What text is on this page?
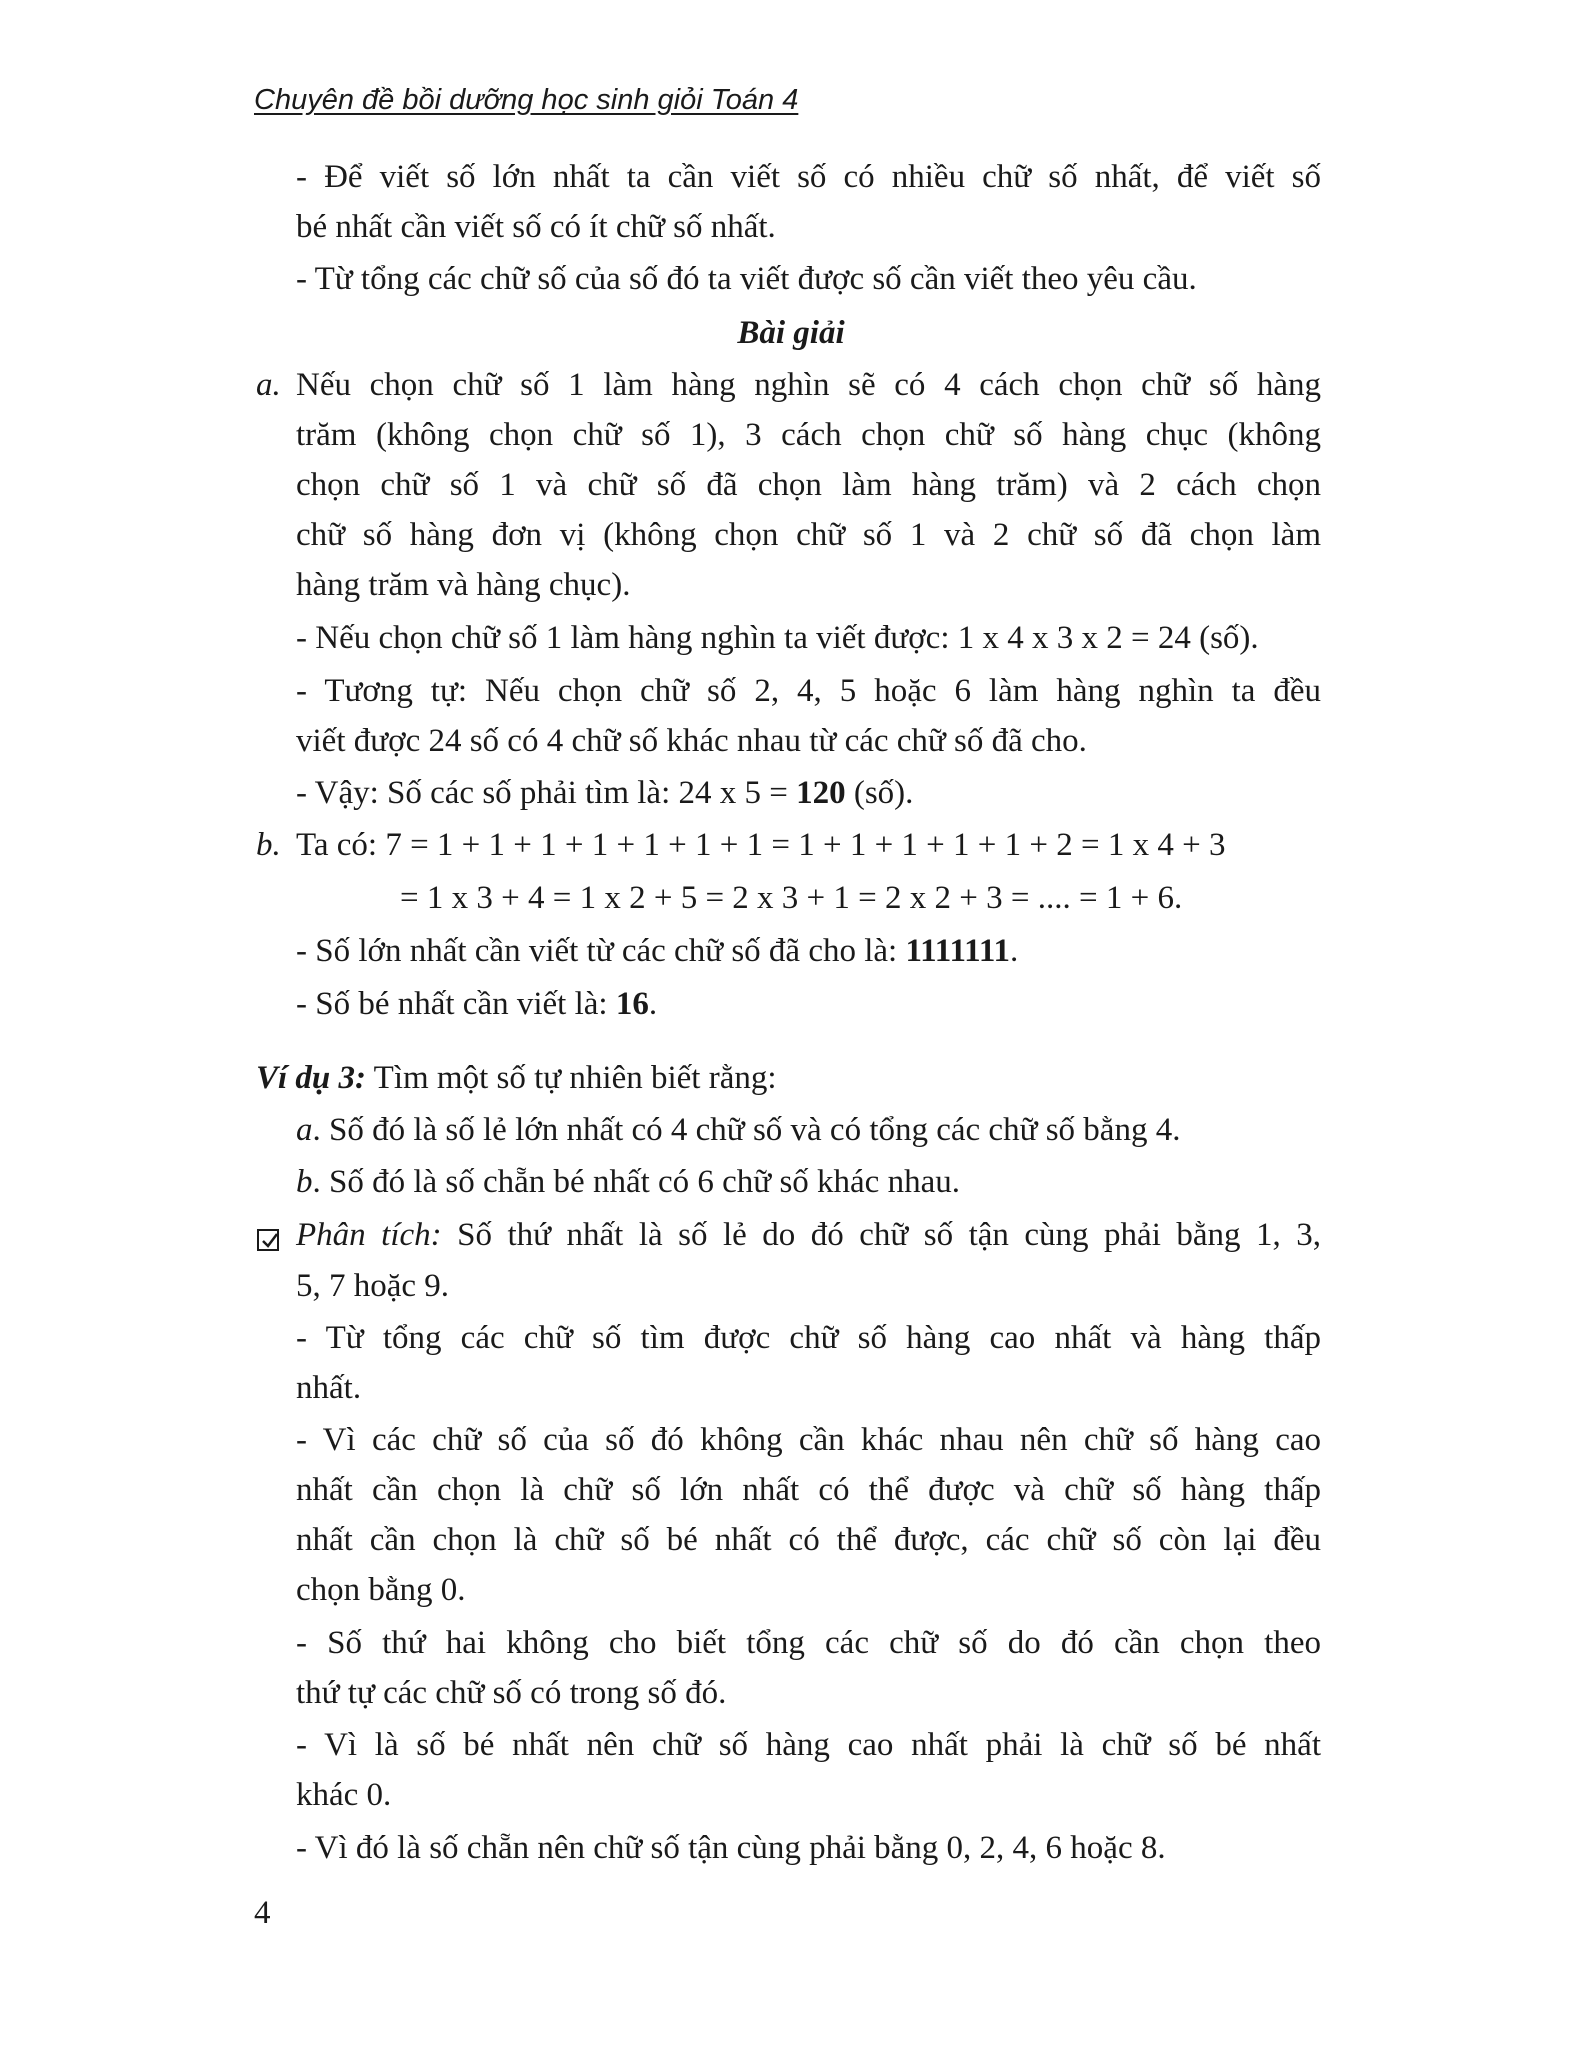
Chuyên đề bồi dưỡng học sinh giỏi Toán 4
- Để viết số lớn nhất ta cần viết số có nhiều chữ số nhất, để viết số
bé nhất cần viết số có ít chữ số nhất.
- Từ tổng các chữ số của số đó ta viết được số cần viết theo yêu cầu.
Bài giải
a. Nếu chọn chữ số 1 làm hàng nghìn sẽ có 4 cách chọn chữ số hàng
trăm (không chọn chữ số 1), 3 cách chọn chữ số hàng chục (không
chọn chữ số 1 và chữ số đã chọn làm hàng trăm) và 2 cách chọn
chữ số hàng đơn vị (không chọn chữ số 1 và 2 chữ số đã chọn làm
hàng trăm và hàng chục).
- Nếu chọn chữ số 1 làm hàng nghìn ta viết được: 1 x 4 x 3 x 2 = 24 (số).
- Tương tự: Nếu chọn chữ số 2, 4, 5 hoặc 6 làm hàng nghìn ta đều
viết được 24 số có 4 chữ số khác nhau từ các chữ số đã cho.
- Vậy: Số các số phải tìm là: 24 x 5 = 120 (số).
b. Ta có: 7 = 1 + 1 + 1 + 1 + 1 + 1 + 1 = 1 + 1 + 1 + 1 + 1 + 2 = 1 x 4 + 3
= 1 x 3 + 4 = 1 x 2 + 5 = 2 x 3 + 1 = 2 x 2 + 3 = .... = 1 + 6.
- Số lớn nhất cần viết từ các chữ số đã cho là: 1111111.
- Số bé nhất cần viết là: 16.
Ví dụ 3: Tìm một số tự nhiên biết rằng:
a. Số đó là số lẻ lớn nhất có 4 chữ số và có tổng các chữ số bằng 4.
b. Số đó là số chẵn bé nhất có 6 chữ số khác nhau.
Phân tích: Số thứ nhất là số lẻ do đó chữ số tận cùng phải bằng 1, 3,
5, 7 hoặc 9.
- Từ tổng các chữ số tìm được chữ số hàng cao nhất và hàng thấp
nhất.
- Vì các chữ số của số đó không cần khác nhau nên chữ số hàng cao
nhất cần chọn là chữ số lớn nhất có thể được và chữ số hàng thấp
nhất cần chọn là chữ số bé nhất có thể được, các chữ số còn lại đều
chọn bằng 0.
- Số thứ hai không cho biết tổng các chữ số do đó cần chọn theo
thứ tự các chữ số có trong số đó.
- Vì là số bé nhất nên chữ số hàng cao nhất phải là chữ số bé nhất
khác 0.
- Vì đó là số chẵn nên chữ số tận cùng phải bằng 0, 2, 4, 6 hoặc 8.
4
